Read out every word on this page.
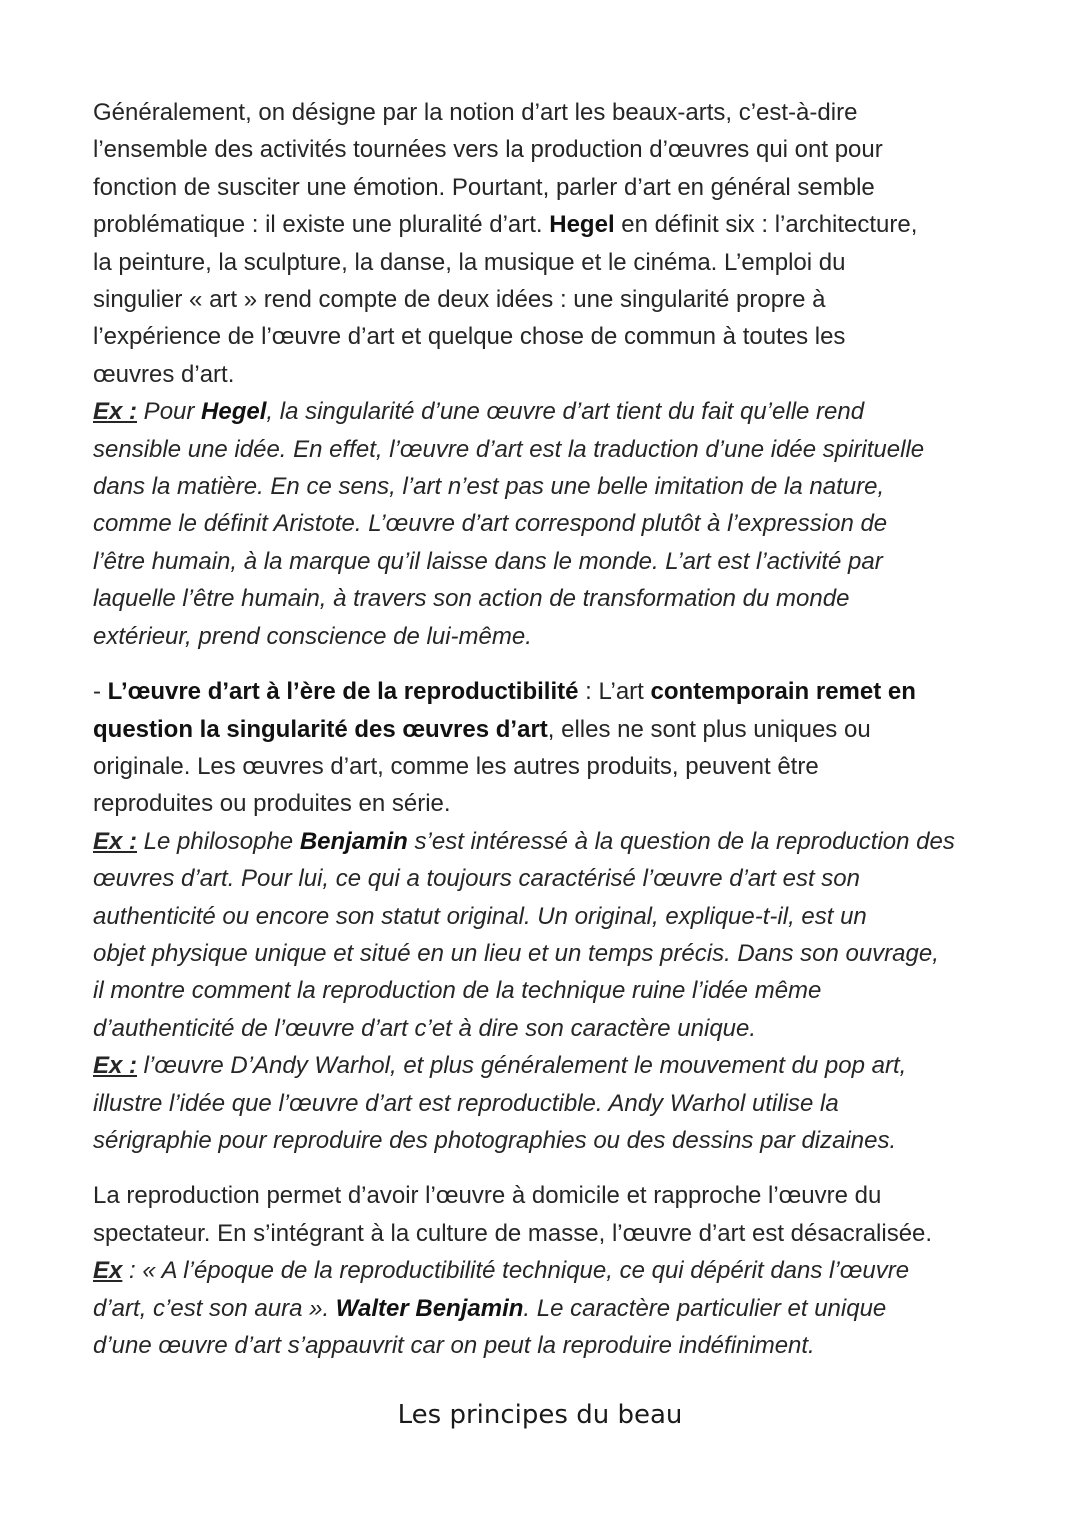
Généralement, on désigne par la notion d’art les beaux-arts, c’est-à-dire

l’ensemble des activités tournées vers la production d’œuvres qui ont pour

fonction de susciter une émotion. Pourtant, parler d’art en général semble

problématique : il existe une pluralité d’art. Hegel en définit six : l’architecture,

la peinture, la sculpture, la danse, la musique et le cinéma. L’emploi du

singulier « art » rend compte de deux idées : une singularité propre à

l’expérience de l’œuvre d’art et quelque chose de commun à toutes les

œuvres d’art.

Ex : Pour Hegel, la singularité d’une œuvre d’art tient du fait qu’elle rend

sensible une idée. En effet, l’œuvre d’art est la traduction d’une idée spirituelle

dans la matière. En ce sens, l’art n’est pas une belle imitation de la nature,

comme le définit Aristote. L’œuvre d’art correspond plutôt à l’expression de

l’être humain, à la marque qu’il laisse dans le monde. L’art est l’activité par

laquelle l’être humain, à travers son action de transformation du monde

extérieur, prend conscience de lui-même.

- L’œuvre d’art à l’ère de la reproductibilité : L’art contemporain remet en

question la singularité des œuvres d’art, elles ne sont plus uniques ou

originale. Les œuvres d’art, comme les autres produits, peuvent être

reproduites ou produites en série.

Ex : Le philosophe Benjamin s’est intéressé à la question de la reproduction des

œuvres d’art. Pour lui, ce qui a toujours caractérisé l’œuvre d’art est son

authenticité ou encore son statut original. Un original, explique-t-il, est un

objet physique unique et situé en un lieu et un temps précis. Dans son ouvrage,

il montre comment la reproduction de la technique ruine l’idée même

d’authenticité de l’œuvre d’art c’et à dire son caractère unique.

Ex : l’œuvre D’Andy Warhol, et plus généralement le mouvement du pop art,

illustre l’idée que l’œuvre d’art est reproductible. Andy Warhol utilise la

sérigraphie pour reproduire des photographies ou des dessins par dizaines.

La reproduction permet d’avoir l’œuvre à domicile et rapproche l’œuvre du

spectateur. En s’intégrant à la culture de masse, l’œuvre d’art est désacralisée.

Ex : « A l’époque de la reproductibilité technique, ce qui dépérit dans l’œuvre

d’art, c’est son aura ». Walter Benjamin. Le caractère particulier et unique

d’une œuvre d’art s’appauvrit car on peut la reproduire indéfiniment.

Les principes du beau
